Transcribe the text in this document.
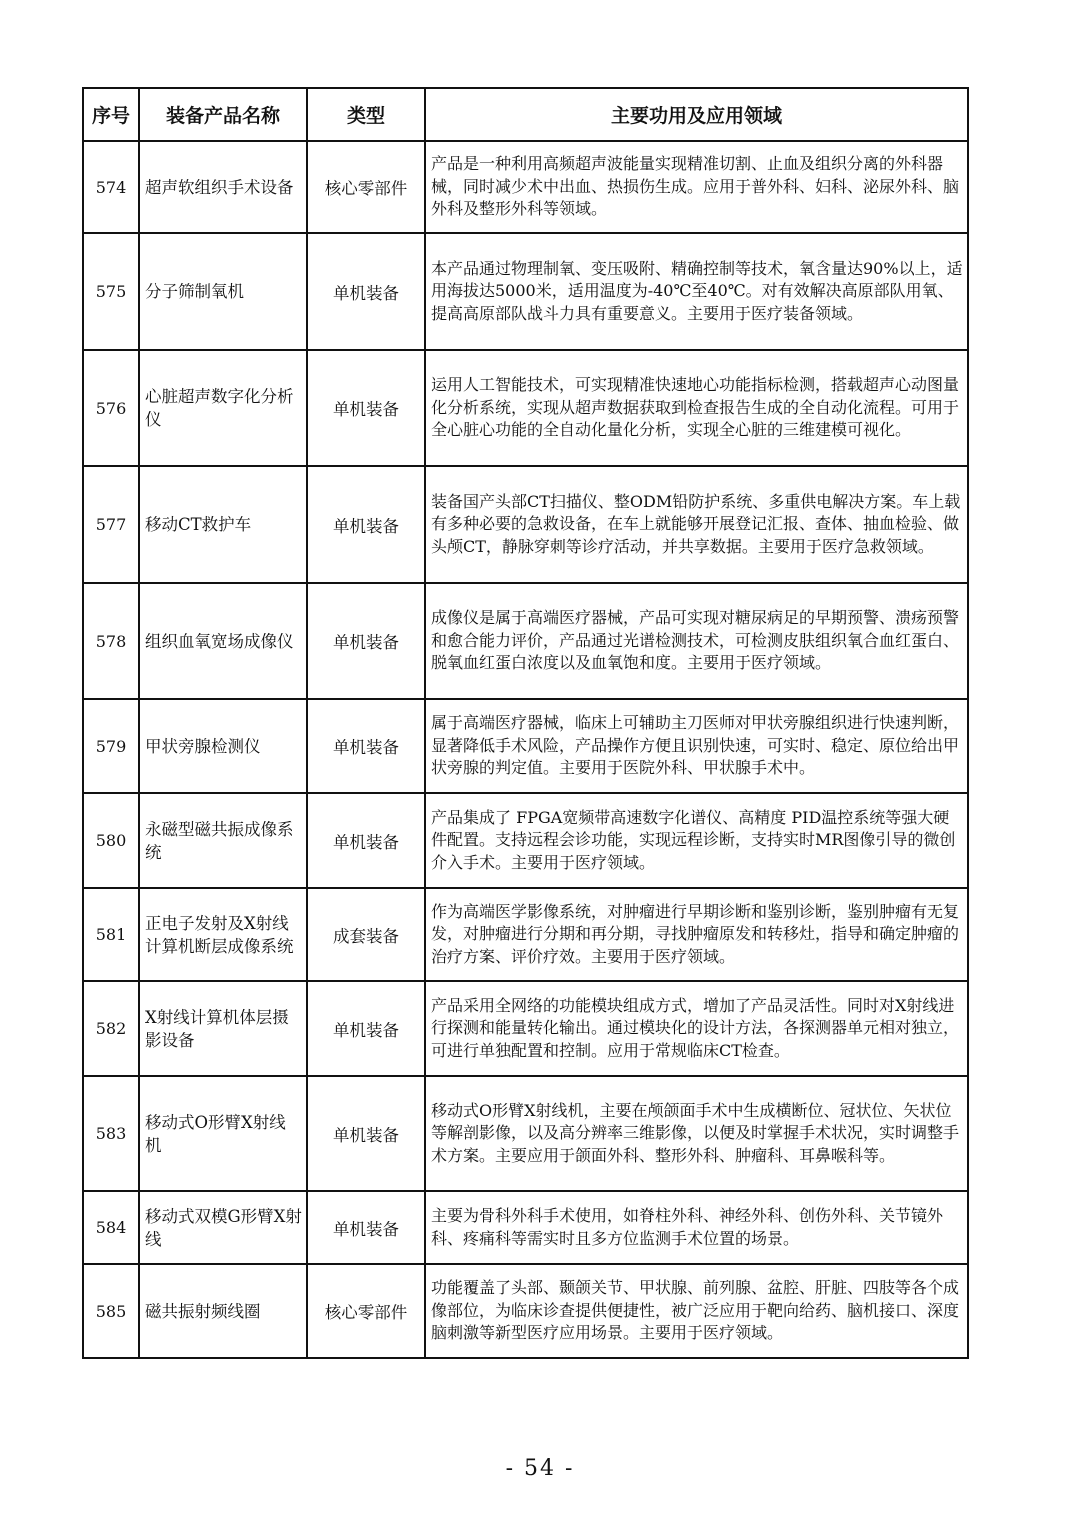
序号	装备产品名称	类型	主要功用及应用领域
574	超声软组织手术设备	核心零部件	产品是一种利用高频超声波能量实现精准切割、止血及组织分离的外科器械，同时减少术中出血、热损伤生成。应用于普外科、妇科、泌尿外科、脑外科及整形外科等领域。
575	分子筛制氧机	单机装备	本产品通过物理制氧、变压吸附、精确控制等技术，氧含量达90%以上，适用海拔达5000米，适用温度为-40℃至40℃。对有效解决高原部队用氧、提高高原部队战斗力具有重要意义。主要用于医疗装备领域。
576	心脏超声数字化分析仪	单机装备	运用人工智能技术，可实现精准快速地心功能指标检测，搭载超声心动图量化分析系统，实现从超声数据获取到检查报告生成的全自动化流程。可用于全心脏心功能的全自动化量化分析，实现全心脏的三维建模可视化。
577	移动CT救护车	单机装备	装备国产头部CT扫描仪、整ODM铅防护系统、多重供电解决方案。车上载有多种必要的急救设备，在车上就能够开展登记汇报、查体、抽血检验、做头颅CT，静脉穿刺等诊疗活动，并共享数据。主要用于医疗急救领域。
578	组织血氧宽场成像仪	单机装备	成像仪是属于高端医疗器械，产品可实现对糖尿病足的早期预警、溃疡预警和愈合能力评价，产品通过光谱检测技术，可检测皮肤组织氧合血红蛋白、脱氧血红蛋白浓度以及血氧饱和度。主要用于医疗领域。
579	甲状旁腺检测仪	单机装备	属于高端医疗器械，临床上可辅助主刀医师对甲状旁腺组织进行快速判断，显著降低手术风险，产品操作方便且识别快速，可实时、稳定、原位给出甲状旁腺的判定值。主要用于医院外科、甲状腺手术中。
580	永磁型磁共振成像系统	单机装备	产品集成了 FPGA宽频带高速数字化谱仪、高精度 PID温控系统等强大硬件配置。支持远程会诊功能，实现远程诊断，支持实时MR图像引导的微创介入手术。主要用于医疗领域。
581	正电子发射及X射线计算机断层成像系统	成套装备	作为高端医学影像系统，对肿瘤进行早期诊断和鉴别诊断，鉴别肿瘤有无复发，对肿瘤进行分期和再分期，寻找肿瘤原发和转移灶，指导和确定肿瘤的治疗方案、评价疗效。主要用于医疗领域。
582	X射线计算机体层摄影设备	单机装备	产品采用全网络的功能模块组成方式，增加了产品灵活性。同时对X射线进行探测和能量转化输出。通过模块化的设计方法，各探测器单元相对独立，可进行单独配置和控制。应用于常规临床CT检查。
583	移动式O形臂X射线机	单机装备	移动式O形臂X射线机，主要在颅颌面手术中生成横断位、冠状位、矢状位等解剖影像，以及高分辨率三维影像，以便及时掌握手术状况，实时调整手术方案。主要应用于颌面外科、整形外科、肿瘤科、耳鼻喉科等。
584	移动式双模G形臂X射线	单机装备	主要为骨科外科手术使用，如脊柱外科、神经外科、创伤外科、关节镜外科、疼痛科等需实时且多方位监测手术位置的场景。
585	磁共振射频线圈	核心零部件	功能覆盖了头部、颞颌关节、甲状腺、前列腺、盆腔、肝脏、四肢等各个成像部位，为临床诊查提供便捷性，被广泛应用于靶向给药、脑机接口、深度脑刺激等新型医疗应用场景。主要用于医疗领域。
- 54 -
